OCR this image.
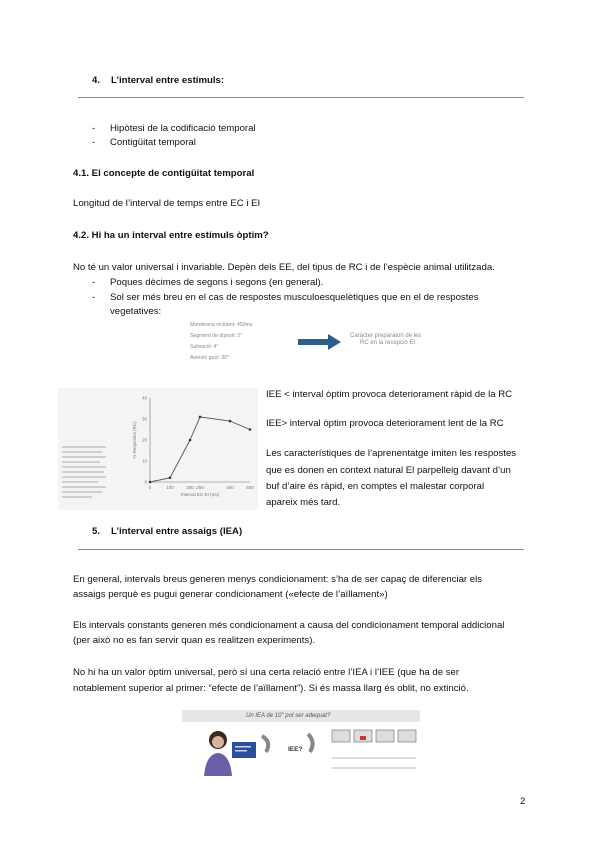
4. L’interval entre estímuls:
- Hipòtesi de la codificació temporal
- Contigüitat temporal
4.1. El concepte de contigüitat temporal
Longitud de l’interval de temps entre EC i EI
4.2. Hi ha un interval entre estímuls òptim?
No té un valor universal i invariable. Depèn dels EE, del tipus de RC i de l’espècie animal utilitzada.
- Poques dècimes de segons i segons (en general).
- Sol ser més breu en el cas de respostes musculoesquelètiques que en el de respostes
vegetatives:
Membrana nictitant: 450ms
Segment de dipòsit: 2"
Salivació: 4"
Aversió gust: 30"
Caràcter preparatori de les
RC en la recepció EI
0
10
20
30
40
0	100	200 250	400	500
Interval EC-EI (ms)
% Respostes (RC)
IEE < interval òptim provoca deteriorament ràpid de la RC
IEE> interval òptim provoca deteriorament lent de la RC
Les característiques de l’aprenentatge imiten les respostes
que es donen en context natural El parpelleig davant d’un
buf d’aire és ràpid, en comptes el malestar corporal
apareix més tard.
5. L’interval entre assaigs (IEA)
En general, intervals breus generen menys condicionament: s’ha de ser capaç de diferenciar els
assaigs perquè es pugui generar condicionament («efecte de l’aïllament»)
Els intervals constants generen més condicionament a causa del condicionament temporal addicional
(per això no es fan servir quan es realitzen experiments).
No hi ha un valor òptim universal, però sí una certa relació entre l’IEA i l’IEE (que ha de ser
notablement superior al primer: “efecte de l’aïllament”). Si és massa llarg és oblit, no extinció.
Un IEA de 10" pot ser adequat?
IEE?
2
